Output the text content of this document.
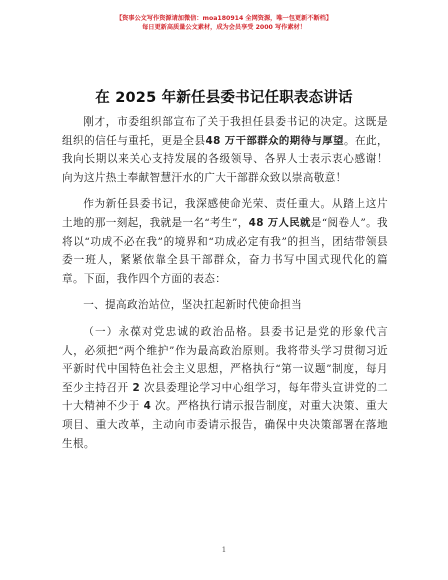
【资事公文写作资源请加微信：moa180914 全网资源，唯一包更新不断档】
每日更新高质量公文素材，成为会员享受 2000 写作素材！
在 2025 年新任县委书记任职表态讲话

刚才，市委组织部宣布了关于我担任县委书记的决定。这既是组织的信任与重托，更是全县48 万干部群众的期待与厚望。在此，我向长期以来关心支持发展的各级领导、各界人士表示衷心感谢！向为这片热土奉献智慧汗水的广大干部群众致以崇高敬意！

作为新任县委书记，我深感使命光荣、责任重大。从踏上这片土地的那一刻起，我就是一名“考生”，48 万人民就是“阅卷人”。我将以“功成不必在我”的境界和“功成必定有我”的担当，团结带领县委一班人，紧紧依靠全县干部群众，奋力书写中国式现代化的篇章。下面，我作四个方面的表态：

一、提高政治站位，坚决扛起新时代使命担当

（一）永葆对党忠诚的政治品格。县委书记是党的形象代言人，必须把“两个维护”作为最高政治原则。我将带头学习贯彻习近平新时代中国特色社会主义思想，严格执行“第一议题”制度，每月至少主持召开 2 次县委理论学习中心组学习，每年带头宣讲党的二十大精神不少于 4 次。严格执行请示报告制度，对重大决策、重大项目、重大改革，主动向市委请示报告，确保中央决策部署在落地生根。

1
